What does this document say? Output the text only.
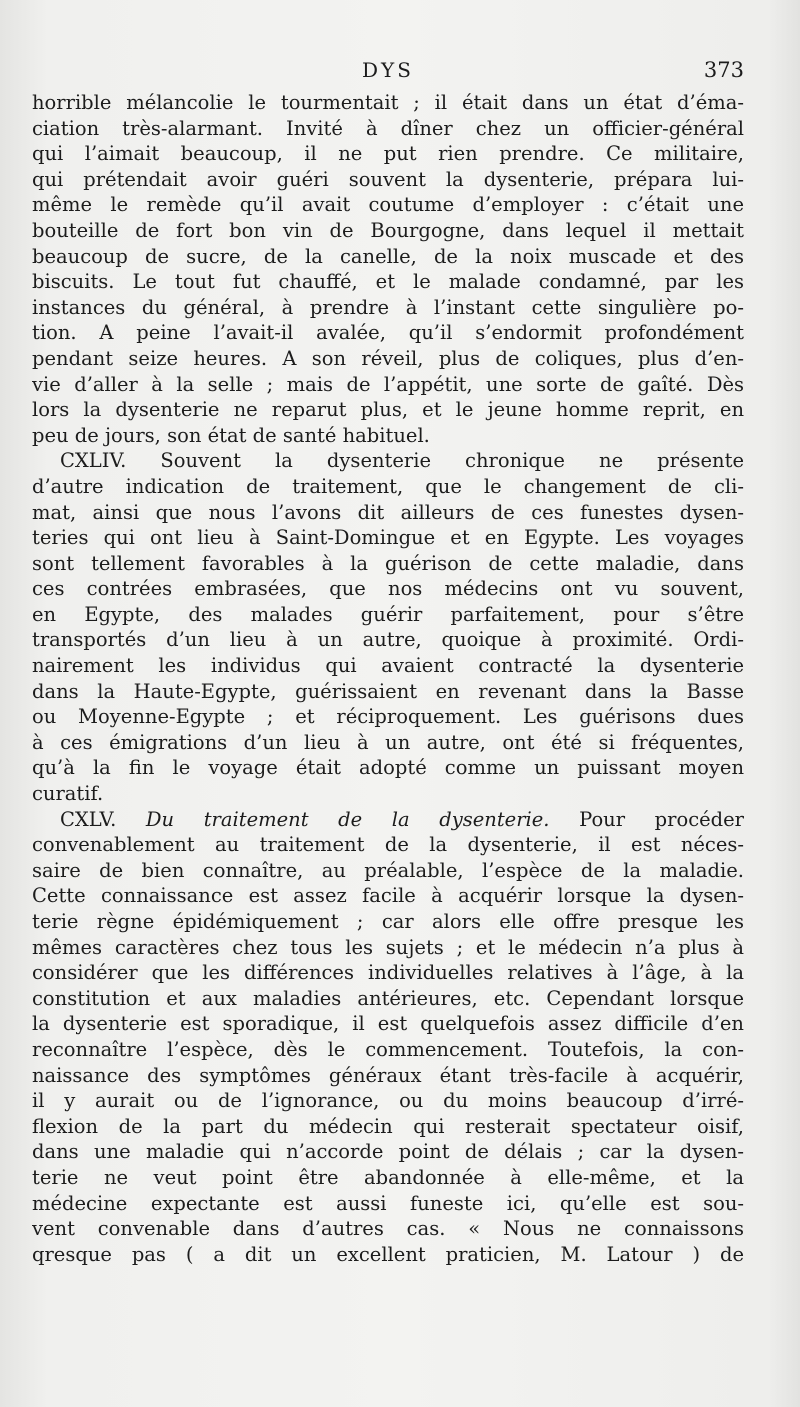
DYS	373
horrible mélancolie le tourmentait ; il était dans un état d’éma-
ciation très-alarmant. Invité à dîner chez un officier-général
qui l’aimait beaucoup, il ne put rien prendre. Ce militaire,
qui prétendait avoir guéri souvent la dysenterie, prépara lui-
même le remède qu’il avait coutume d’employer : c’était une
bouteille de fort bon vin de Bourgogne, dans lequel il mettait
beaucoup de sucre, de la canelle, de la noix muscade et des
biscuits. Le tout fut chauffé, et le malade condamné, par les
instances du général, à prendre à l’instant cette singulière po-
tion. A peine l’avait-il avalée, qu’il s’endormit profondément
pendant seize heures. A son réveil, plus de coliques, plus d’en-
vie d’aller à la selle ; mais de l’appétit, une sorte de gaîté. Dès
lors la dysenterie ne reparut plus, et le jeune homme reprit, en
peu de jours, son état de santé habituel.
CXLIV. Souvent la dysenterie chronique ne présente
d’autre indication de traitement, que le changement de cli-
mat, ainsi que nous l’avons dit ailleurs de ces funestes dysen-
teries qui ont lieu à Saint-Domingue et en Egypte. Les voyages
sont tellement favorables à la guérison de cette maladie, dans
ces contrées embrasées, que nos médecins ont vu souvent,
en Egypte, des malades guérir parfaitement, pour s’être
transportés d’un lieu à un autre, quoique à proximité. Ordi-
nairement les individus qui avaient contracté la dysenterie
dans la Haute-Egypte, guérissaient en revenant dans la Basse
ou Moyenne-Egypte ; et réciproquement. Les guérisons dues
à ces émigrations d’un lieu à un autre, ont été si fréquentes,
qu’à la fin le voyage était adopté comme un puissant moyen
curatif.
CXLV. Du traitement de la dysenterie. Pour procéder
convenablement au traitement de la dysenterie, il est néces-
saire de bien connaître, au préalable, l’espèce de la maladie.
Cette connaissance est assez facile à acquérir lorsque la dysen-
terie règne épidémiquement ; car alors elle offre presque les
mêmes caractères chez tous les sujets ; et le médecin n’a plus à
considérer que les différences individuelles relatives à l’âge, à la
constitution et aux maladies antérieures, etc. Cependant lorsque
la dysenterie est sporadique, il est quelquefois assez difficile d’en
reconnaître l’espèce, dès le commencement. Toutefois, la con-
naissance des symptômes généraux étant très-facile à acquérir,
il y aurait ou de l’ignorance, ou du moins beaucoup d’irré-
flexion de la part du médecin qui resterait spectateur oisif,
dans une maladie qui n’accorde point de délais ; car la dysen-
terie ne veut point être abandonnée à elle-même, et la
médecine expectante est aussi funeste ici, qu’elle est sou-
vent convenable dans d’autres cas. « Nous ne connaissons
qresque pas ( a dit un excellent praticien, M. Latour ) de
